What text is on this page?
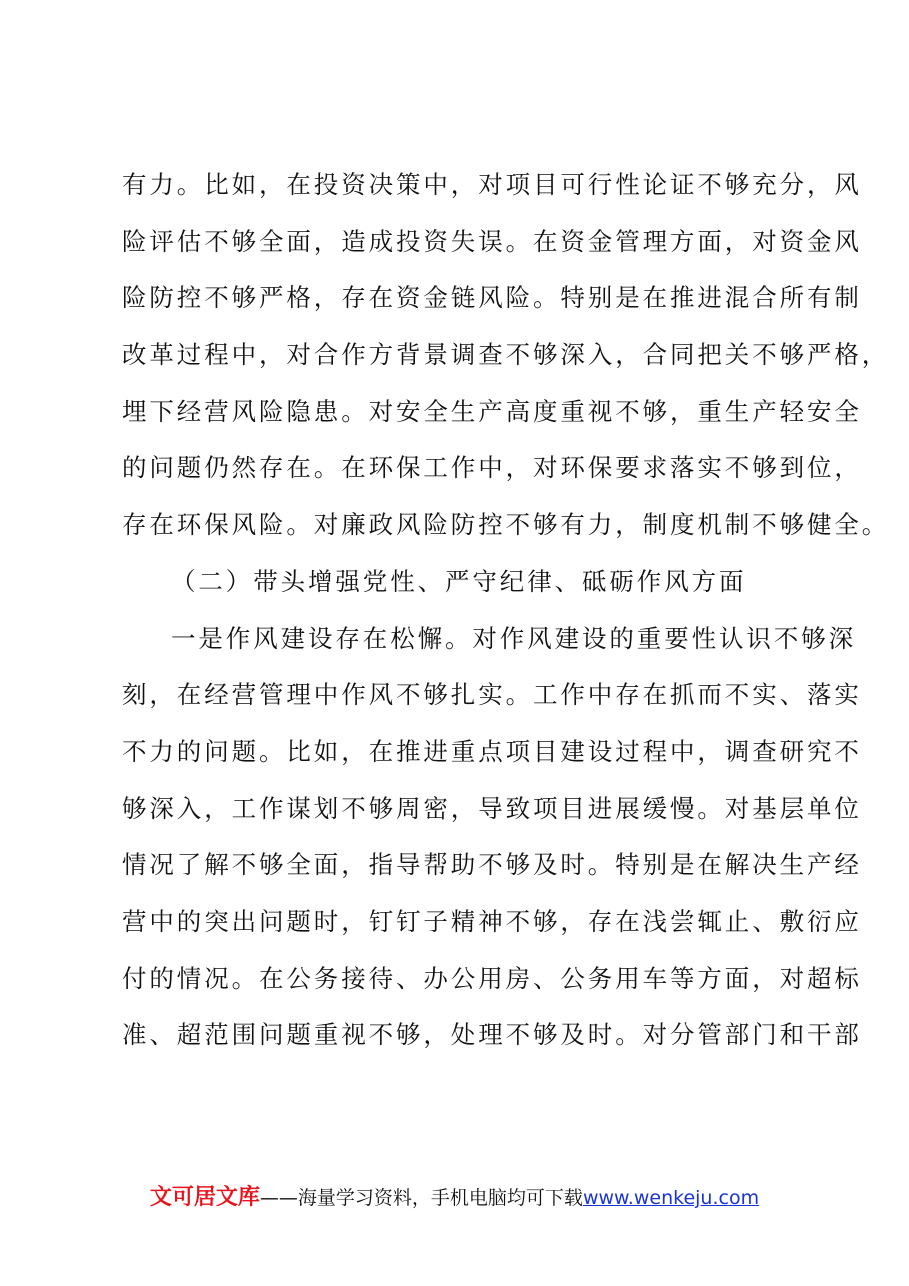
有力。比如，在投资决策中，对项目可行性论证不够充分，风
险评估不够全面，造成投资失误。在资金管理方面，对资金风
险防控不够严格，存在资金链风险。特别是在推进混合所有制
改革过程中，对合作方背景调查不够深入，合同把关不够严格，
埋下经营风险隐患。对安全生产高度重视不够，重生产轻安全
的问题仍然存在。在环保工作中，对环保要求落实不够到位，
存在环保风险。对廉政风险防控不够有力，制度机制不够健全。
（二）带头增强党性、严守纪律、砥砺作风方面
一是作风建设存在松懈。对作风建设的重要性认识不够深
刻，在经营管理中作风不够扎实。工作中存在抓而不实、落实
不力的问题。比如，在推进重点项目建设过程中，调查研究不
够深入，工作谋划不够周密，导致项目进展缓慢。对基层单位
情况了解不够全面，指导帮助不够及时。特别是在解决生产经
营中的突出问题时，钉钉子精神不够，存在浅尝辄止、敷衍应
付的情况。在公务接待、办公用房、公务用车等方面，对超标
准、超范围问题重视不够，处理不够及时。对分管部门和干部
文可居文库——海量学习资料，手机电脑均可下载www.wenkeju.com
